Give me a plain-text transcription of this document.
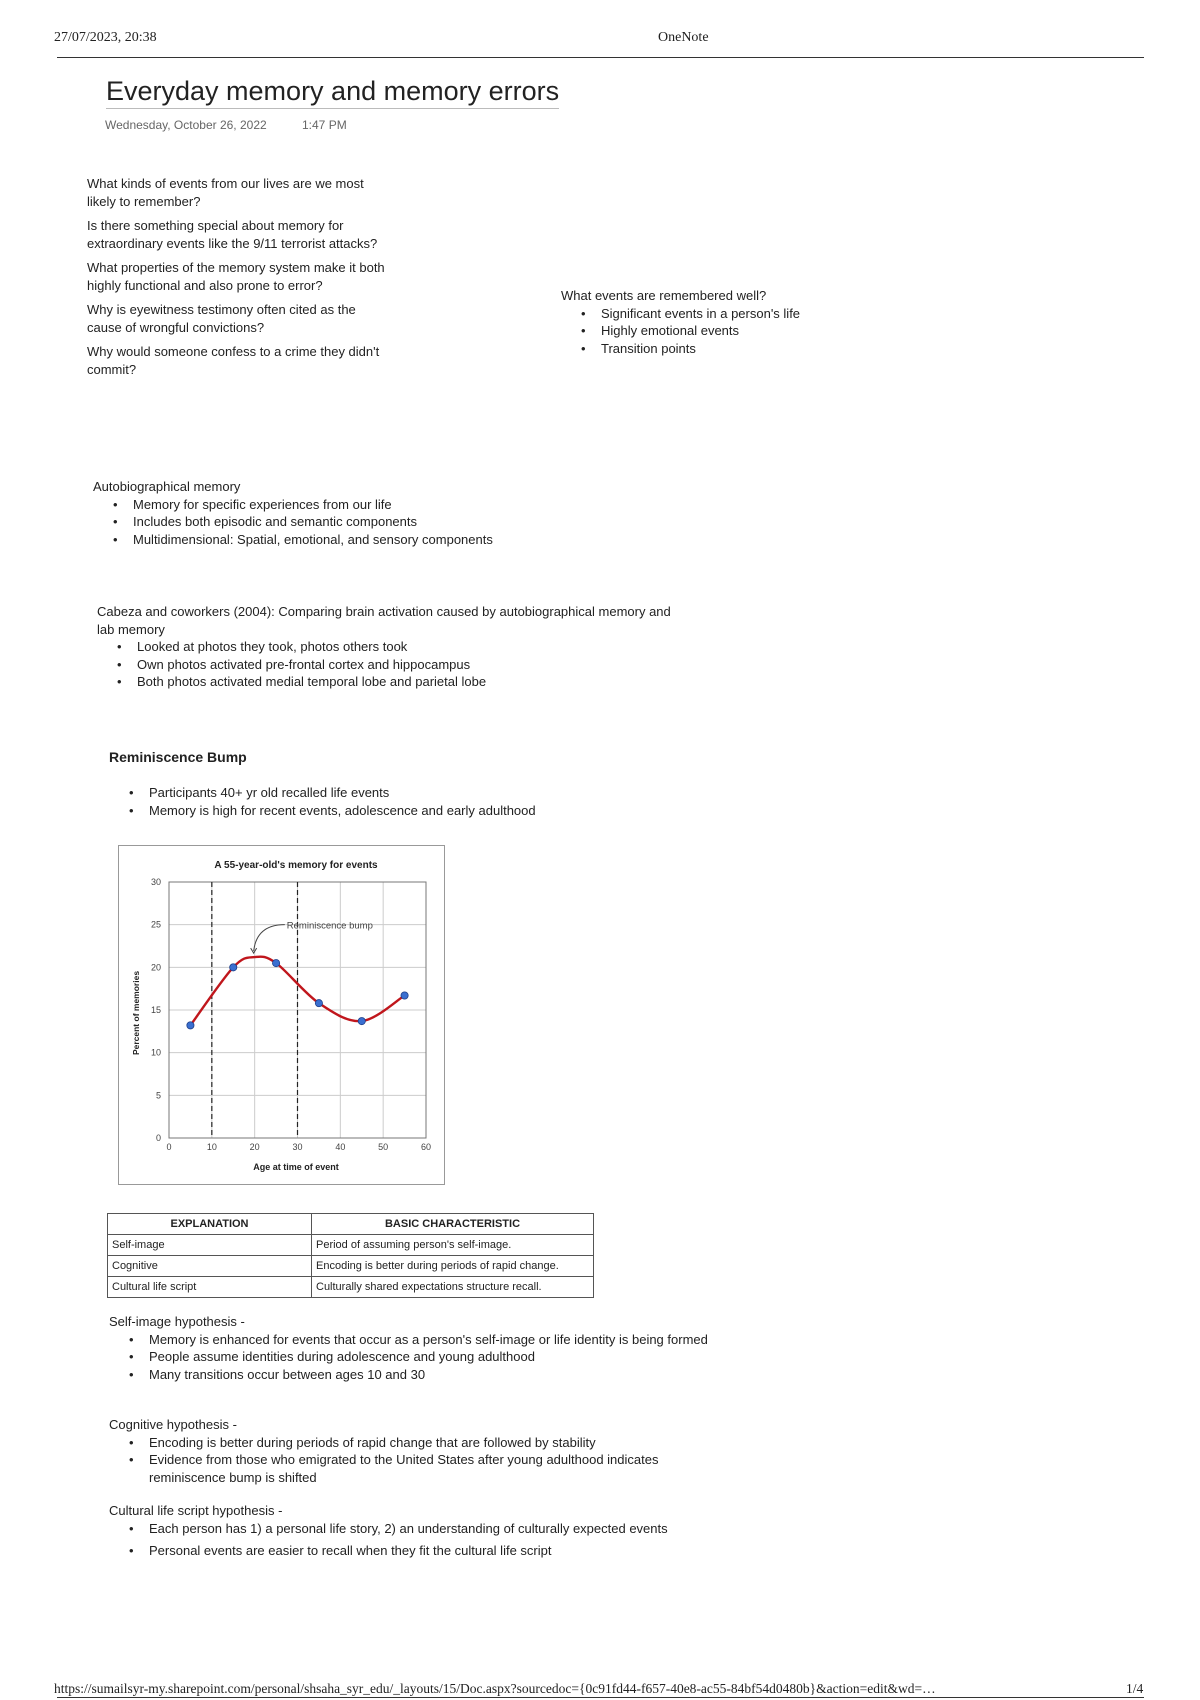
27/07/2023, 20:38	OneNote
Everyday memory and memory errors
Wednesday, October 26, 2022	1:47 PM

What kinds of events from our lives are we most likely to remember?

Is there something special about memory for extraordinary events like the 9/11 terrorist attacks?

What properties of the memory system make it both highly functional and also prone to error?

Why is eyewitness testimony often cited as the cause of wrongful convictions?

Why would someone confess to a crime they didn't commit?

What events are remembered well?
• Significant events in a person's life
• Highly emotional events
• Transition points
Autobiographical memory
• Memory for specific experiences from our life
• Includes both episodic and semantic components
• Multidimensional: Spatial, emotional, and sensory components
Cabeza and coworkers (2004): Comparing brain activation caused by autobiographical memory and lab memory
• Looked at photos they took, photos others took
• Own photos activated pre-frontal cortex and hippocampus
• Both photos activated medial temporal lobe and parietal lobe
Reminiscence Bump
• Participants 40+ yr old recalled life events
• Memory is high for recent events, adolescence and early adulthood
A 55-year-old's memory for events
0	10	20	30	40	50	60
0
5
10
15
20
25
30
Age at time of event
Percent of memories
Reminiscence bump
EXPLANATION	BASIC CHARACTERISTIC
Self-image	Period of assuming person's self-image.
Cognitive	Encoding is better during periods of rapid change.
Cultural life script	Culturally shared expectations structure recall.
Self-image hypothesis -
• Memory is enhanced for events that occur as a person's self-image or life identity is being formed
• People assume identities during adolescence and young adulthood
• Many transitions occur between ages 10 and 30
Cognitive hypothesis -
• Encoding is better during periods of rapid change that are followed by stability
• Evidence from those who emigrated to the United States after young adulthood indicates reminiscence bump is shifted
Cultural life script hypothesis -
• Each person has 1) a personal life story, 2) an understanding of culturally expected events
• Personal events are easier to recall when they fit the cultural life script
https://sumailsyr-my.sharepoint.com/personal/shsaha_syr_edu/_layouts/15/Doc.aspx?sourcedoc={0c91fd44-f657-40e8-ac55-84bf54d0480b}&action=edit&wd=…	1/4
